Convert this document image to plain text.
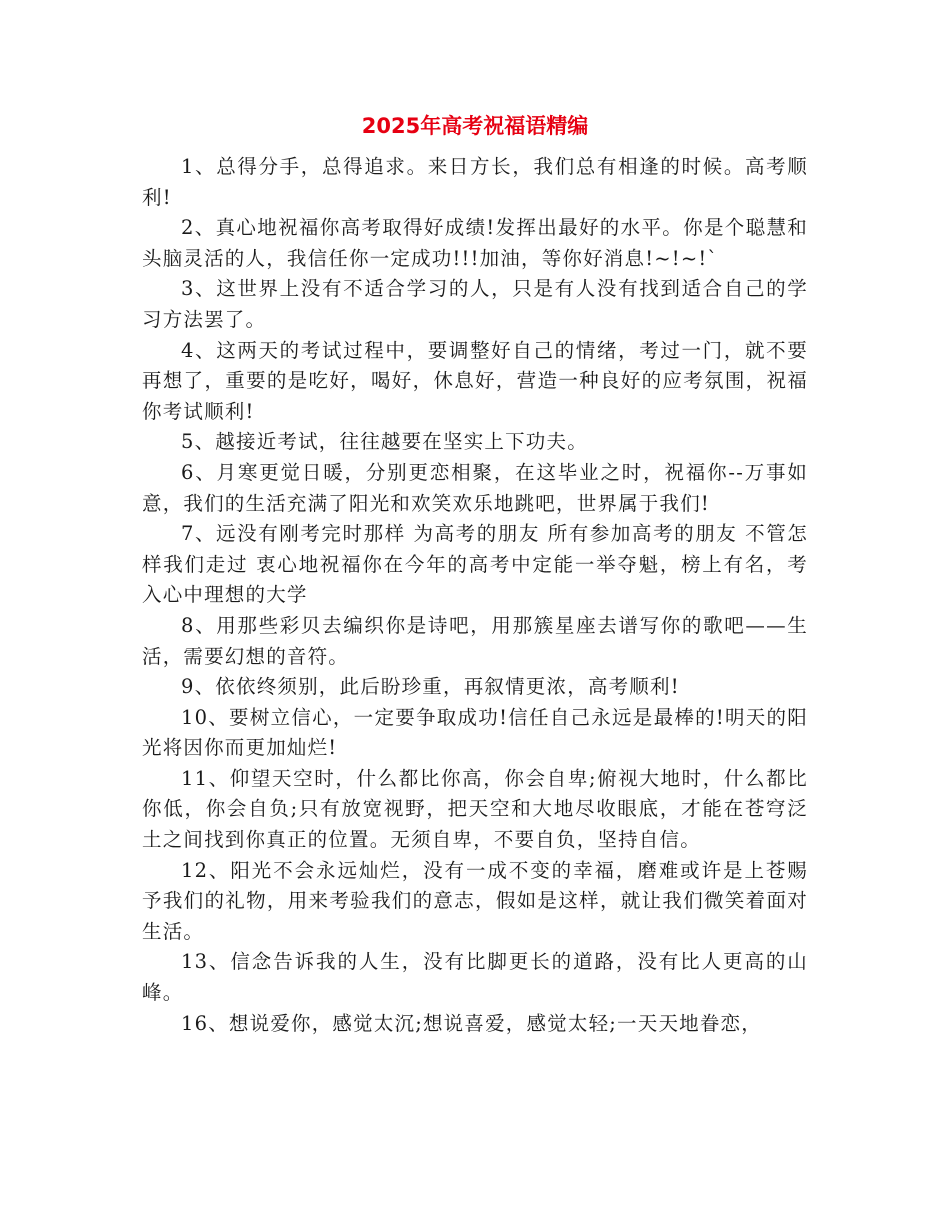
2025年高考祝福语精编

1、总得分手，总得追求。来日方长，我们总有相逢的时候。高考顺利!

2、真心地祝福你高考取得好成绩!发挥出最好的水平。你是个聪慧和头脑灵活的人，我信任你一定成功!!!加油，等你好消息!~!~!`

3、这世界上没有不适合学习的人，只是有人没有找到适合自己的学习方法罢了。

4、这两天的考试过程中，要调整好自己的情绪，考过一门，就不要再想了，重要的是吃好，喝好，休息好，营造一种良好的应考氛围，祝福你考试顺利!

5、越接近考试，往往越要在坚实上下功夫。

6、月寒更觉日暖，分别更恋相聚，在这毕业之时，祝福你--万事如意，我们的生活充满了阳光和欢笑欢乐地跳吧，世界属于我们!

7、远没有刚考完时那样 为高考的朋友 所有参加高考的朋友 不管怎样我们走过 衷心地祝福你在今年的高考中定能一举夺魁，榜上有名，考入心中理想的大学

8、用那些彩贝去编织你是诗吧，用那簇星座去谱写你的歌吧——生活，需要幻想的音符。

9、依依终须别，此后盼珍重，再叙情更浓，高考顺利!

10、要树立信心，一定要争取成功!信任自己永远是最棒的!明天的阳光将因你而更加灿烂!

11、仰望天空时，什么都比你高，你会自卑;俯视大地时，什么都比你低，你会自负;只有放宽视野，把天空和大地尽收眼底，才能在苍穹泛土之间找到你真正的位置。无须自卑，不要自负，坚持自信。

12、阳光不会永远灿烂，没有一成不变的幸福，磨难或许是上苍赐予我们的礼物，用来考验我们的意志，假如是这样，就让我们微笑着面对生活。

13、信念告诉我的人生，没有比脚更长的道路，没有比人更高的山峰。

16、想说爱你，感觉太沉;想说喜爱，感觉太轻;一天天地眷恋，
